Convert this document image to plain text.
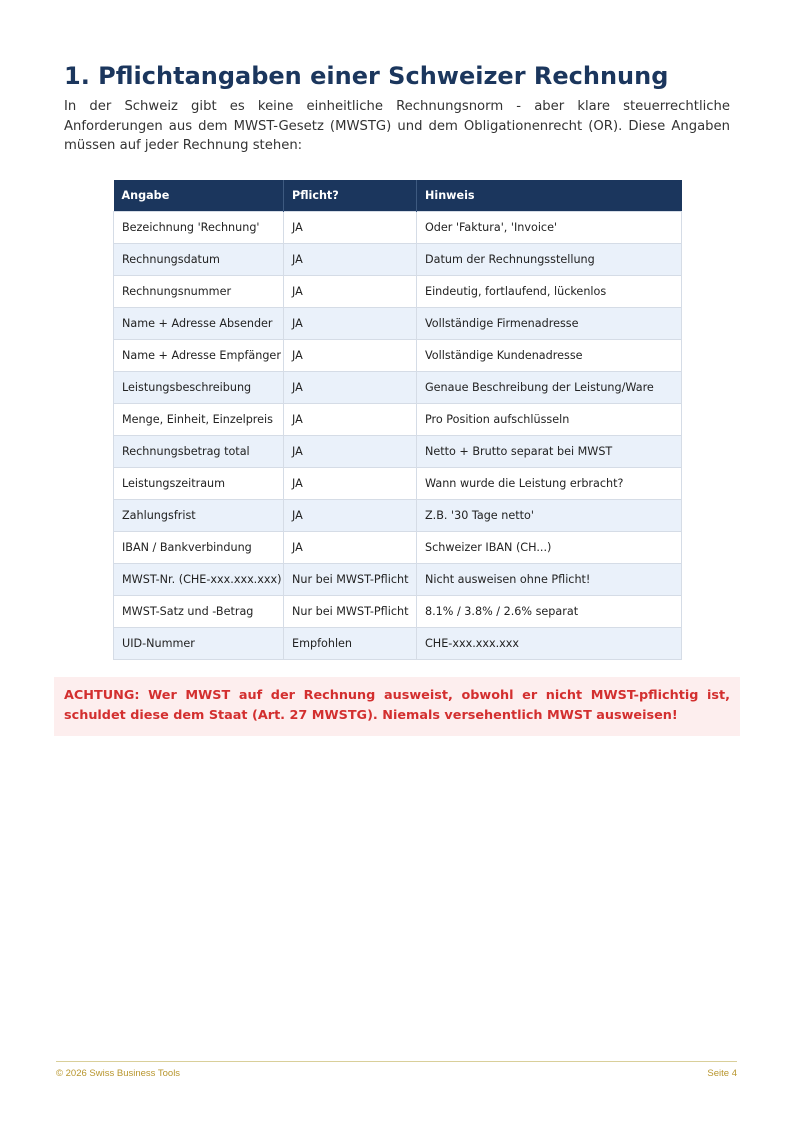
1. Pflichtangaben einer Schweizer Rechnung

In der Schweiz gibt es keine einheitliche Rechnungsnorm - aber klare steuerrechtliche Anforderungen aus dem MWST-Gesetz (MWSTG) und dem Obligationenrecht (OR). Diese Angaben müssen auf jeder Rechnung stehen:

Angabe	Pflicht?	Hinweis
Bezeichnung 'Rechnung'	JA	Oder 'Faktura', 'Invoice'
Rechnungsdatum	JA	Datum der Rechnungsstellung
Rechnungsnummer	JA	Eindeutig, fortlaufend, lückenlos
Name + Adresse Absender	JA	Vollständige Firmenadresse
Name + Adresse Empfänger	JA	Vollständige Kundenadresse
Leistungsbeschreibung	JA	Genaue Beschreibung der Leistung/Ware
Menge, Einheit, Einzelpreis	JA	Pro Position aufschlüsseln
Rechnungsbetrag total	JA	Netto + Brutto separat bei MWST
Leistungszeitraum	JA	Wann wurde die Leistung erbracht?
Zahlungsfrist	JA	Z.B. '30 Tage netto'
IBAN / Bankverbindung	JA	Schweizer IBAN (CH...)
MWST-Nr. (CHE-xxx.xxx.xxx)	Nur bei MWST-Pflicht	Nicht ausweisen ohne Pflicht!
MWST-Satz und -Betrag	Nur bei MWST-Pflicht	8.1% / 3.8% / 2.6% separat
UID-Nummer	Empfohlen	CHE-xxx.xxx.xxx

ACHTUNG: Wer MWST auf der Rechnung ausweist, obwohl er nicht MWST-pflichtig ist, schuldet diese dem Staat (Art. 27 MWSTG). Niemals versehentlich MWST ausweisen!

© 2026 Swiss Business Tools	Seite 4
